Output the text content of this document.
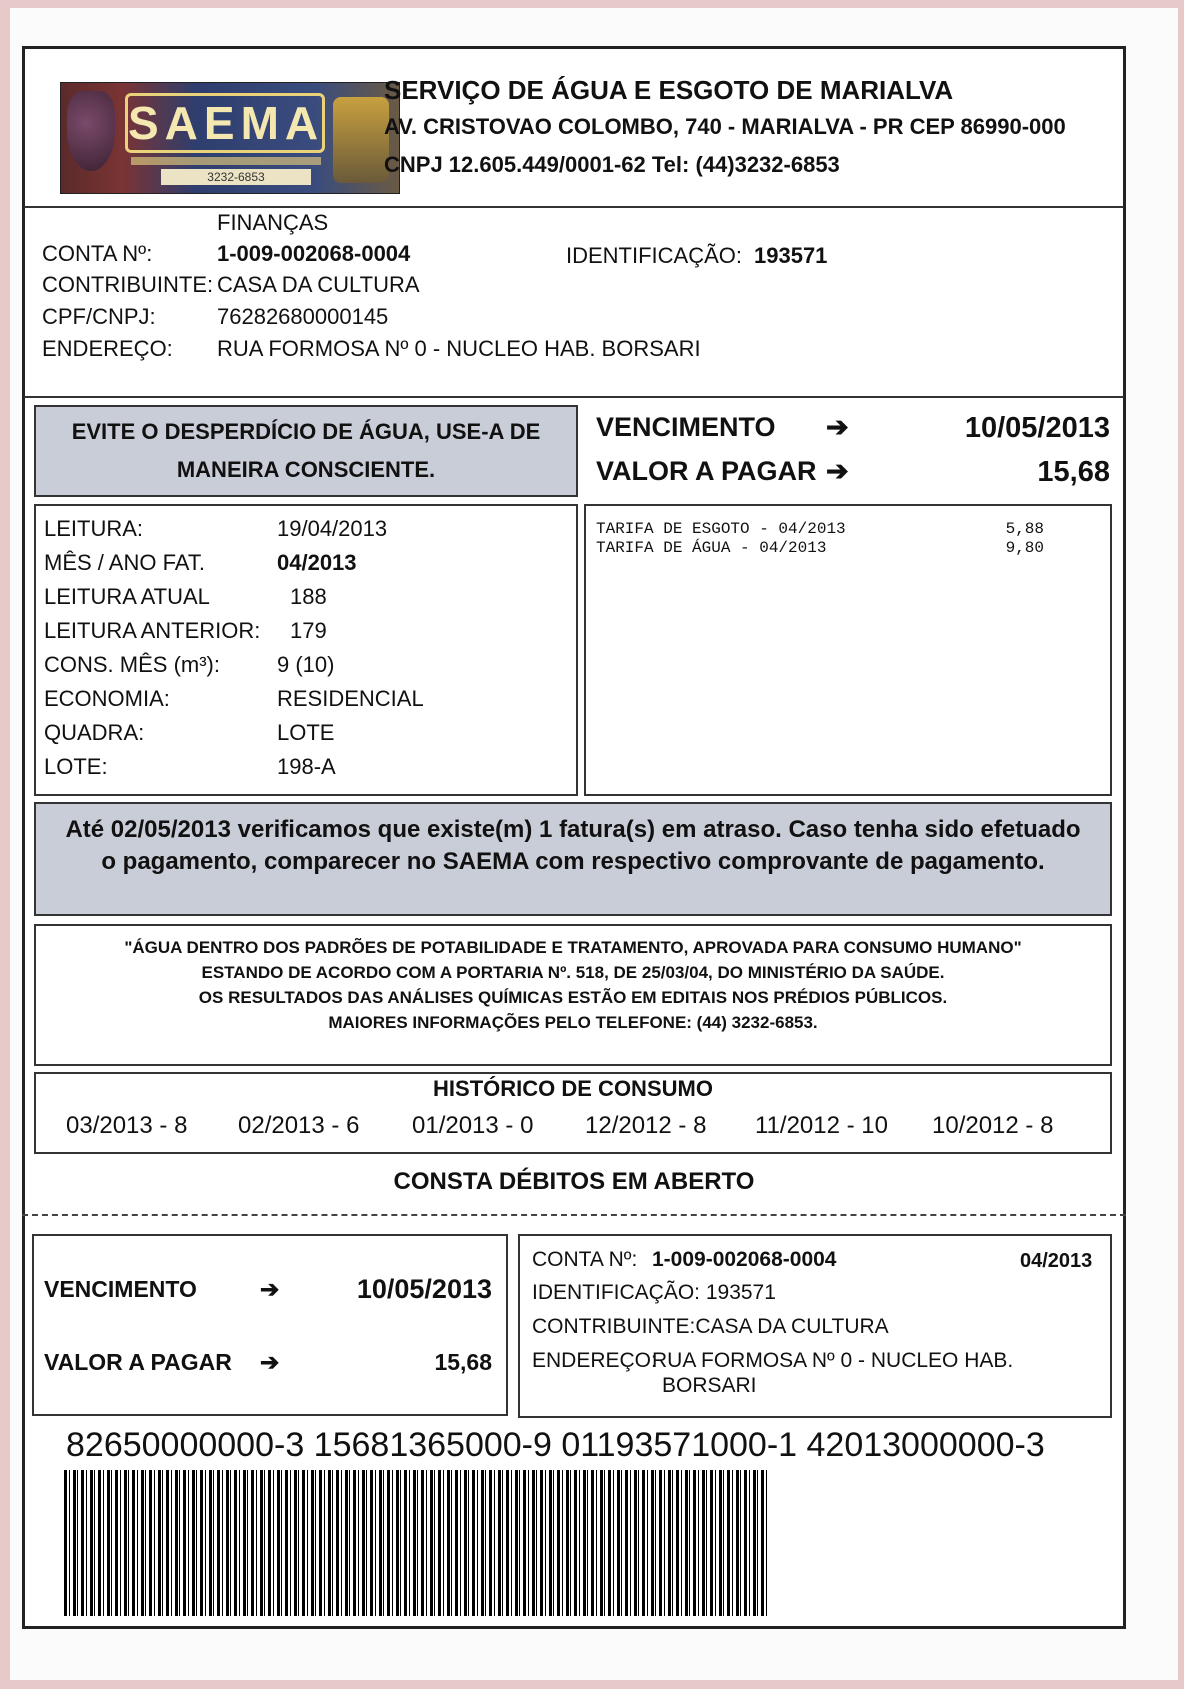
SAEMA
3232-6853
SERVIÇO DE ÁGUA E ESGOTO DE MARIALVA
AV. CRISTOVAO COLOMBO, 740 - MARIALVA - PR CEP 86990-000
CNPJ 12.605.449/0001-62 Tel: (44)3232-6853
FINANÇAS
CONTA Nº:	1-009-002068-0004	IDENTIFICAÇÃO: 193571
CONTRIBUINTE: CASA DA CULTURA
CPF/CNPJ:	76282680000145
ENDEREÇO: RUA FORMOSA Nº 0 - NUCLEO HAB. BORSARI
EVITE O DESPERDÍCIO DE ÁGUA, USE-A DE
MANEIRA CONSCIENTE.
VENCIMENTO ➔	10/05/2013
VALOR A PAGAR ➔	15,68
LEITURA:	19/04/2013
MÊS / ANO FAT.	04/2013
LEITURA ATUAL	188
LEITURA ANTERIOR: 179
CONS. MÊS (m³):	9 (10)
ECONOMIA:	RESIDENCIAL
QUADRA:	LOTE
LOTE:	198-A
TARIFA DE ESGOTO - 04/2013	5,88
TARIFA DE ÁGUA - 04/2013	9,80
Até 02/05/2013 verificamos que existe(m) 1 fatura(s) em atraso. Caso tenha sido efetuado
o pagamento, comparecer no SAEMA com respectivo comprovante de pagamento.
"ÁGUA DENTRO DOS PADRÕES DE POTABILIDADE E TRATAMENTO, APROVADA PARA CONSUMO HUMANO"
ESTANDO DE ACORDO COM A PORTARIA Nº. 518, DE 25/03/04, DO MINISTÉRIO DA SAÚDE.
OS RESULTADOS DAS ANÁLISES QUÍMICAS ESTÃO EM EDITAIS NOS PRÉDIOS PÚBLICOS.
MAIORES INFORMAÇÕES PELO TELEFONE: (44) 3232-6853.
HISTÓRICO DE CONSUMO
03/2013 - 8 02/2013 - 6 01/2013 - 0 12/2012 - 8 11/2012 - 10 10/2012 - 8
CONSTA DÉBITOS EM ABERTO
VENCIMENTO	➔	10/05/2013
VALOR A PAGAR ➔	15,68
CONTA Nº: 1-009-002068-0004	04/2013
IDENTIFICAÇÃO: 193571
CONTRIBUINTE:CASA DA CULTURA
ENDEREÇO:
RUA FORMOSA Nº 0 - NUCLEO HAB.
BORSARI
82650000000-3 15681365000-9 01193571000-1 42013000000-3
